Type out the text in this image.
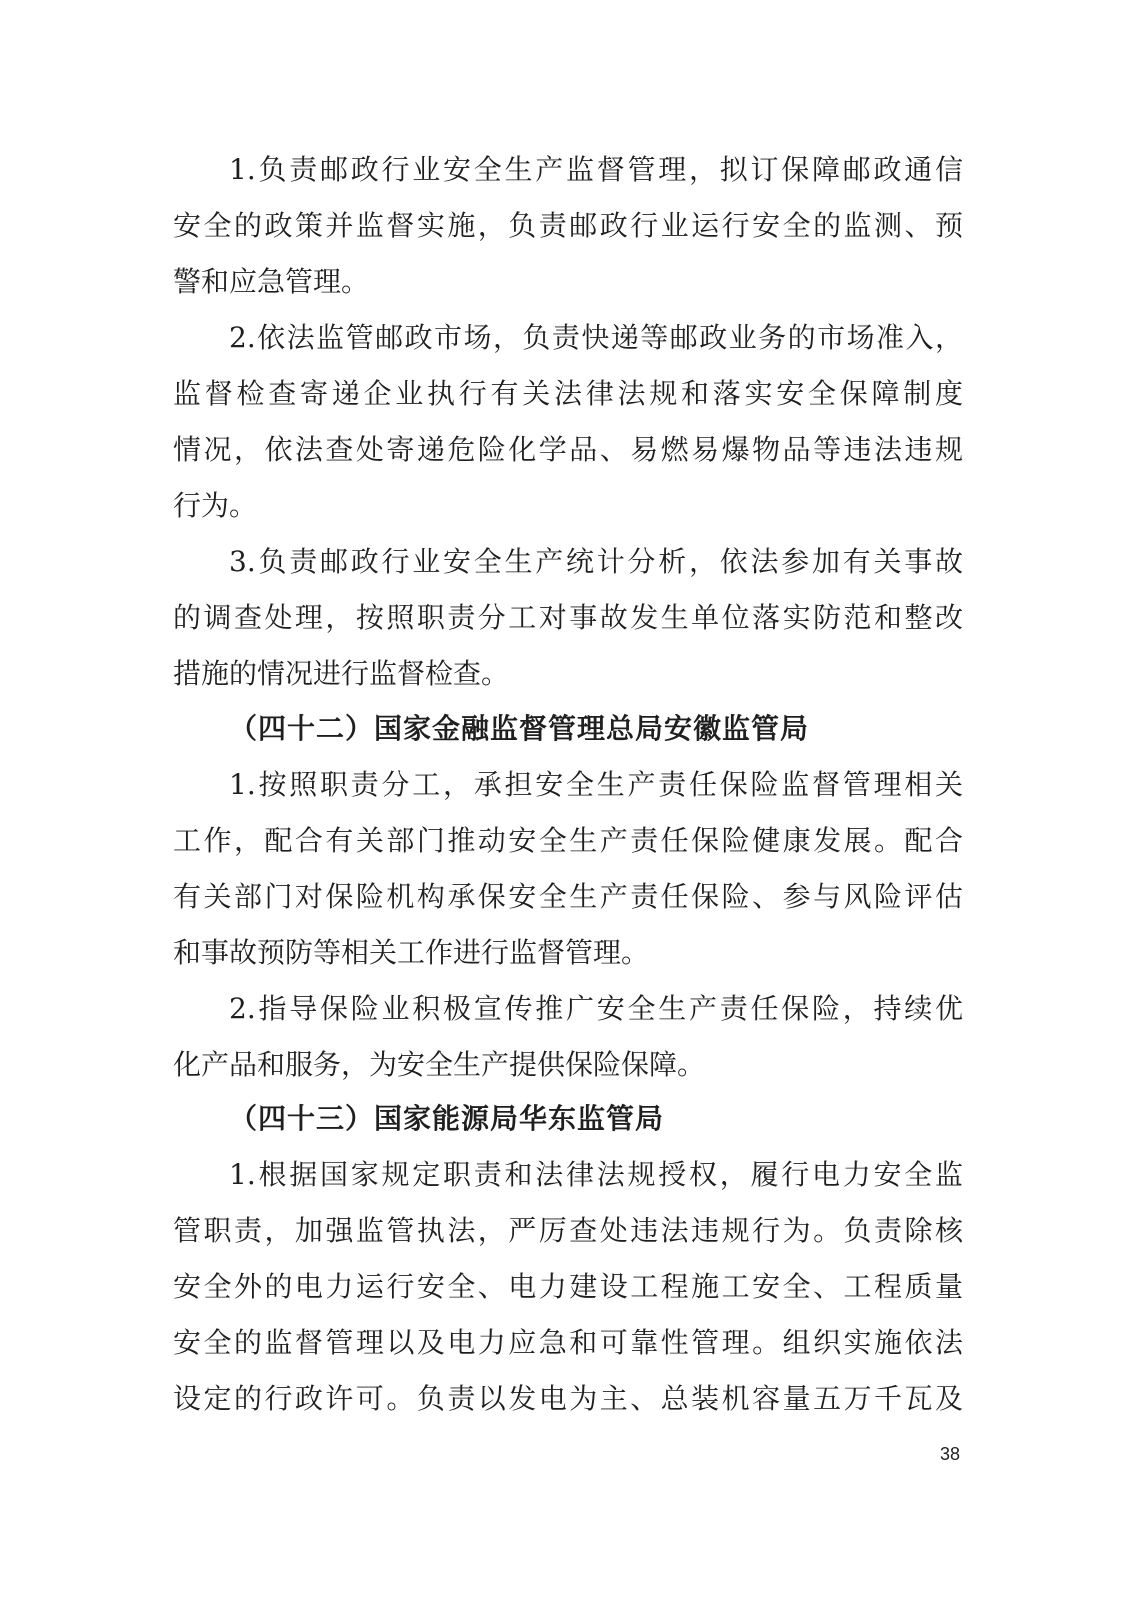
1.负责邮政行业安全生产监督管理，拟订保障邮政通信
安全的政策并监督实施，负责邮政行业运行安全的监测、预
警和应急管理。
2.依法监管邮政市场，负责快递等邮政业务的市场准入，
监督检查寄递企业执行有关法律法规和落实安全保障制度
情况，依法查处寄递危险化学品、易燃易爆物品等违法违规
行为。
3.负责邮政行业安全生产统计分析，依法参加有关事故
的调查处理，按照职责分工对事故发生单位落实防范和整改
措施的情况进行监督检查。
（四十二）国家金融监督管理总局安徽监管局
1.按照职责分工，承担安全生产责任保险监督管理相关
工作，配合有关部门推动安全生产责任保险健康发展。配合
有关部门对保险机构承保安全生产责任保险、参与风险评估
和事故预防等相关工作进行监督管理。
2.指导保险业积极宣传推广安全生产责任保险，持续优
化产品和服务，为安全生产提供保险保障。
（四十三）国家能源局华东监管局
1.根据国家规定职责和法律法规授权，履行电力安全监
管职责，加强监管执法，严厉查处违法违规行为。负责除核
安全外的电力运行安全、电力建设工程施工安全、工程质量
安全的监督管理以及电力应急和可靠性管理。组织实施依法
设定的行政许可。负责以发电为主、总装机容量五万千瓦及
38
